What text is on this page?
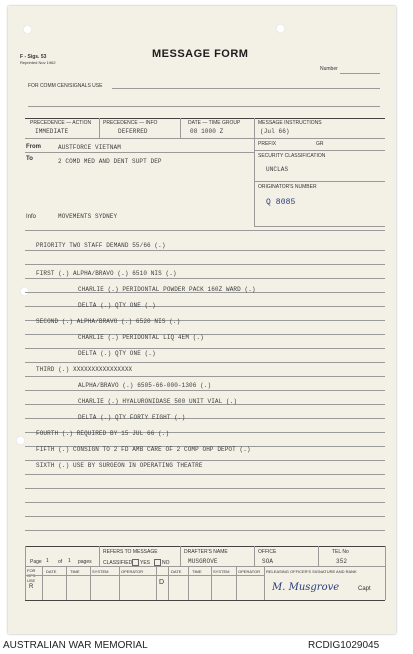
F - Sigs. 53
Reprinted Nov 1962
MESSAGE FORM
Number
FOR COMM CEN/SIGNALS USE
PRECEDENCE — ACTION
IMMEDIATE
PRECEDENCE — INFO
DEFERRED
DATE — TIME GROUP
08 1000 Z
MESSAGE INSTRUCTIONS
(Jul 66)
PREFIX	GR
SECURITY CLASSIFICATION
UNCLAS
ORIGINATOR'S NUMBER
Q 8085
From	AUSTFORCE VIETNAM
To	2 COMD MED AND DENT SUPT DEP
Info	MOVEMENTS SYDNEY
PRIORITY TWO STAFF DEMAND 55/66 (.)
FIRST (.) ALPHA/BRAVO (.) 6510 NIS (.)
CHARLIE (.) PERIDONTAL POWDER PACK 160Z WARD (.)
DELTA (.) QTY ONE (.)
SECOND (.) ALPHA/BRAVO (.) 6520 NIS (.)
CHARLIE (.) PERIDONTAL LIQ 4EM (.)
DELTA (.) QTY ONE (.)
THIRD (.) XXXXXXXXXXXXXXXX
ALPHA/BRAVO (.) 6505-66-000-1306 (.)
CHARLIE (.) HYALURONIDASE 500 UNIT VIAL (.)
DELTA (.) QTY FORTY EIGHT (.)
FOURTH (.) REQUIRED BY 15 JUL 66 (.)
FIFTH (.) CONSIGN TO 2 FD AMB CARE OF 2 COMP OHP DEPOT (.)
SIXTH (.) USE BY SURGEON IN OPERATING THEATRE
Page 1 of 1 pages
REFERS TO MESSAGE
CLASSIFIED YES NO
DRAFTER'S NAME
MUSGROVE
OFFICE
SOA
TEL No
352
FOR OPS USE
R
DATE	TIME	SYSTEM	OPERATOR
D
DATE	TIME	SYSTEM OPERATOR RELEASING OFFICER'S SIGNATURE AND RANK
M. Musgrove	Capt
AUSTRALIAN WAR MEMORIAL	RCDIG1029045
